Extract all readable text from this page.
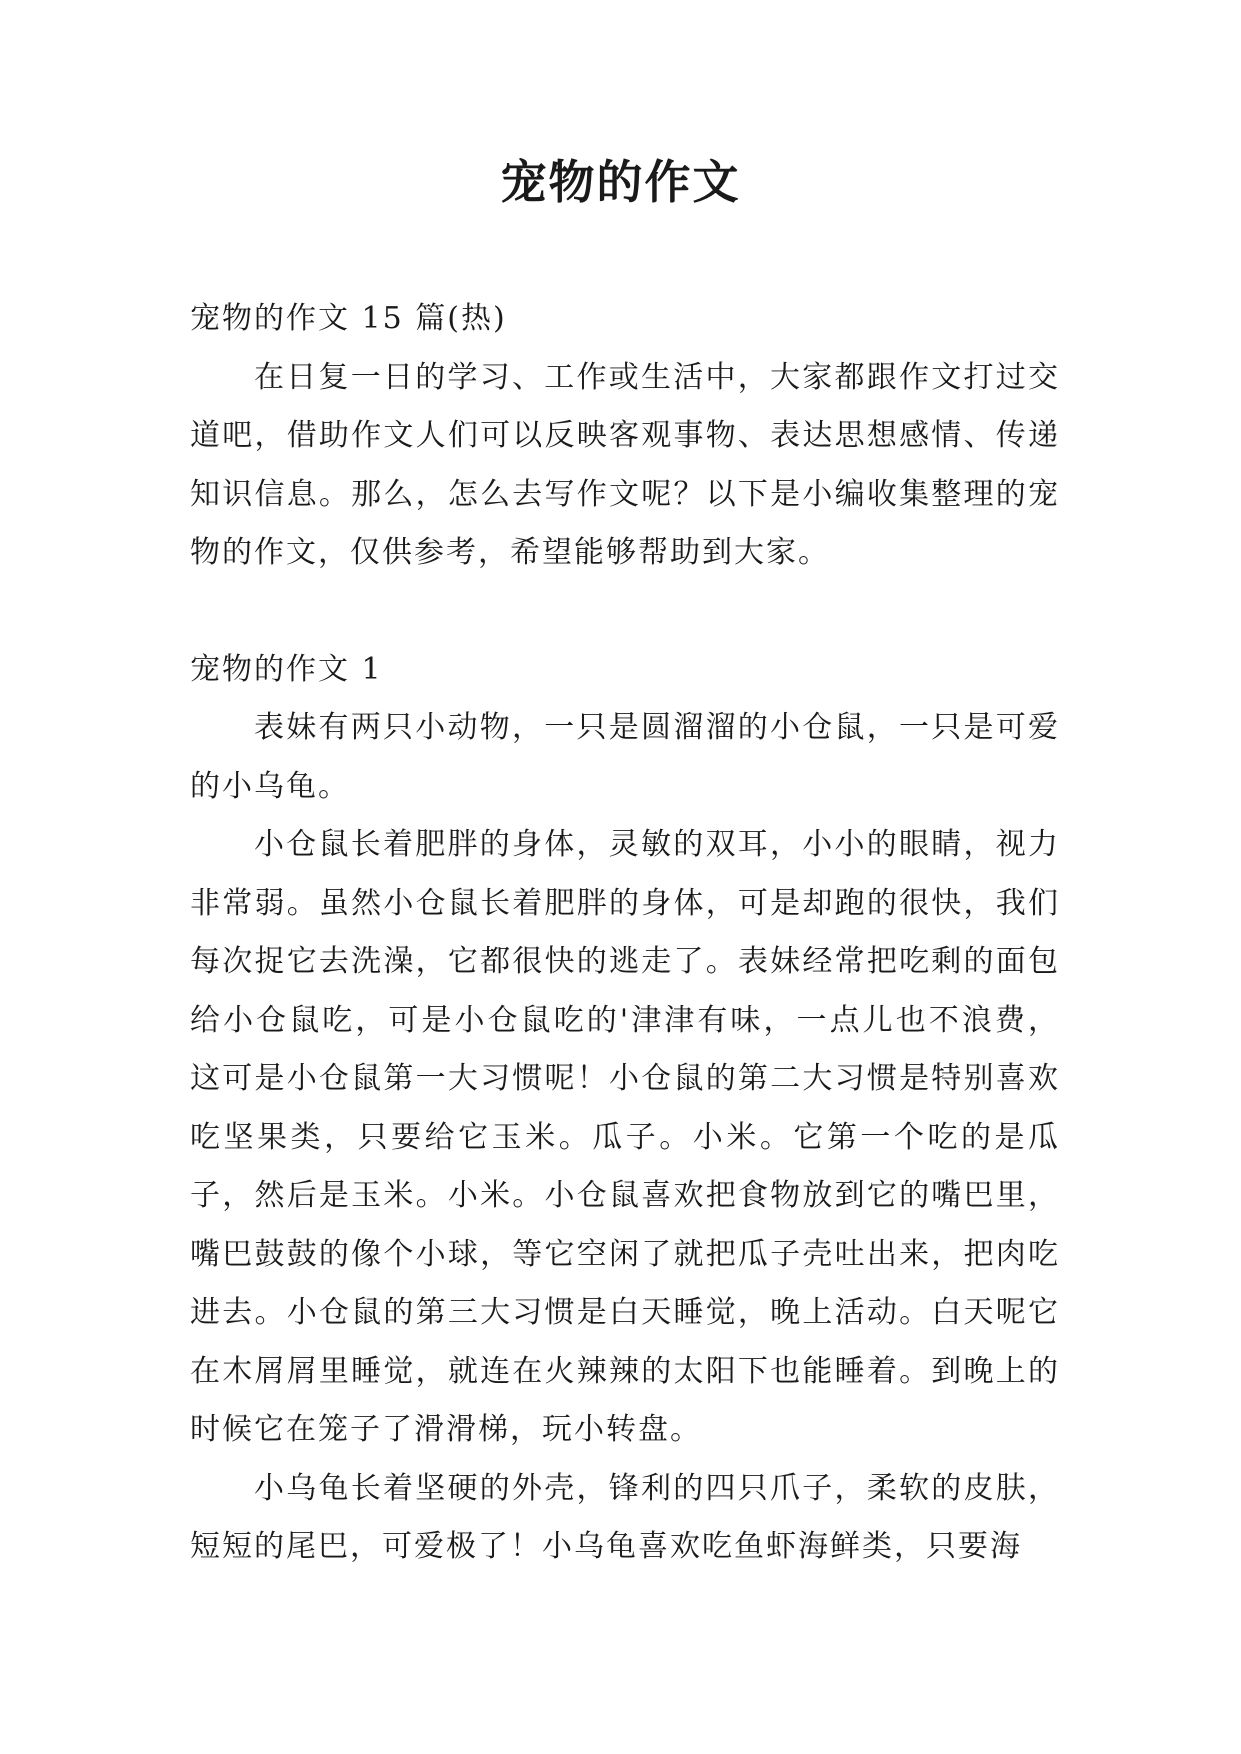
宠物的作文

宠物的作文 15 篇(热)

在日复一日的学习、工作或生活中，大家都跟作文打过交道吧，借助作文人们可以反映客观事物、表达思想感情、传递知识信息。那么，怎么去写作文呢？以下是小编收集整理的宠物的作文，仅供参考，希望能够帮助到大家。

宠物的作文 1

表妹有两只小动物，一只是圆溜溜的小仓鼠，一只是可爱的小乌龟。

小仓鼠长着肥胖的身体，灵敏的双耳，小小的眼睛，视力非常弱。虽然小仓鼠长着肥胖的身体，可是却跑的很快，我们每次捉它去洗澡，它都很快的逃走了。表妹经常把吃剩的面包给小仓鼠吃，可是小仓鼠吃的'津津有味，一点儿也不浪费，这可是小仓鼠第一大习惯呢！小仓鼠的第二大习惯是特别喜欢吃坚果类，只要给它玉米。瓜子。小米。它第一个吃的是瓜子，然后是玉米。小米。小仓鼠喜欢把食物放到它的嘴巴里，嘴巴鼓鼓的像个小球，等它空闲了就把瓜子壳吐出来，把肉吃进去。小仓鼠的第三大习惯是白天睡觉，晚上活动。白天呢它在木屑屑里睡觉，就连在火辣辣的太阳下也能睡着。到晚上的时候它在笼子了滑滑梯，玩小转盘。

小乌龟长着坚硬的外壳，锋利的四只爪子，柔软的皮肤，短短的尾巴，可爱极了！小乌龟喜欢吃鱼虾海鲜类，只要海
